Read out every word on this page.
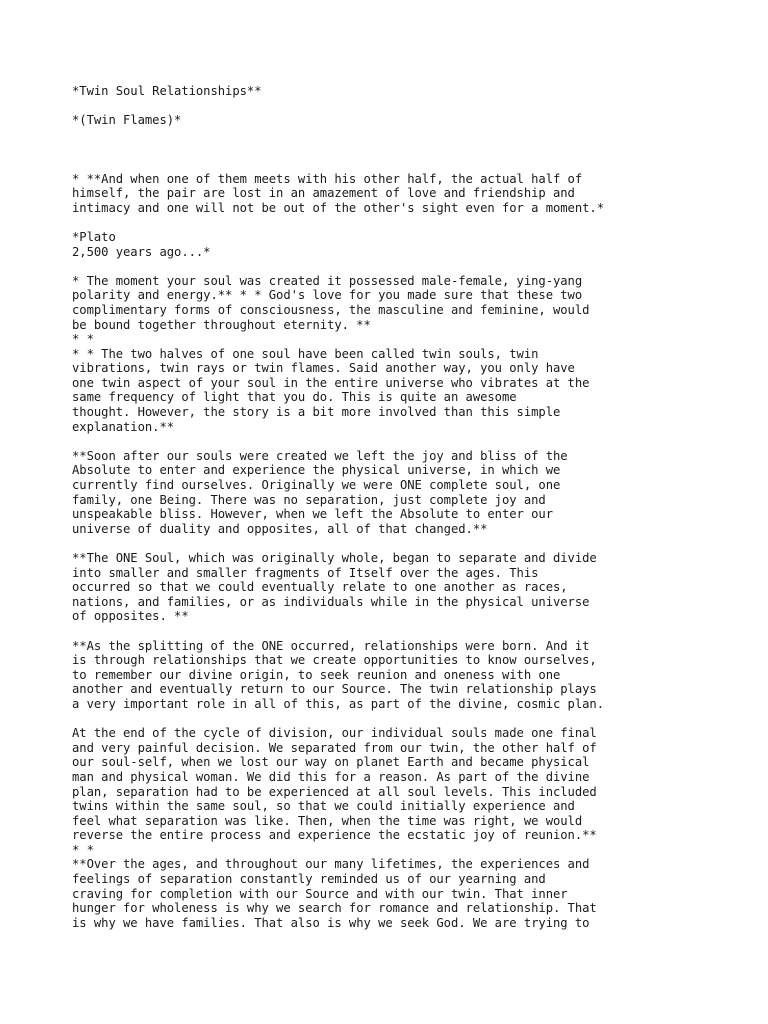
*Twin Soul Relationships**
*(Twin Flames)*
* **And when one of them meets with his other half, the actual half of
himself, the pair are lost in an amazement of love and friendship and
intimacy and one will not be out of the other's sight even for a moment.*
*Plato
2,500 years ago...*
* The moment your soul was created it possessed male-female, ying-yang
polarity and energy.** * * God's love for you made sure that these two
complimentary forms of consciousness, the masculine and feminine, would
be bound together throughout eternity. **
* *
* * The two halves of one soul have been called twin souls, twin
vibrations, twin rays or twin flames. Said another way, you only have
one twin aspect of your soul in the entire universe who vibrates at the
same frequency of light that you do. This is quite an awesome
thought. However, the story is a bit more involved than this simple
explanation.**
**Soon after our souls were created we left the joy and bliss of the
Absolute to enter and experience the physical universe, in which we
currently find ourselves. Originally we were ONE complete soul, one
family, one Being. There was no separation, just complete joy and
unspeakable bliss. However, when we left the Absolute to enter our
universe of duality and opposites, all of that changed.**
**The ONE Soul, which was originally whole, began to separate and divide
into smaller and smaller fragments of Itself over the ages. This
occurred so that we could eventually relate to one another as races,
nations, and families, or as individuals while in the physical universe
of opposites. **
**As the splitting of the ONE occurred, relationships were born. And it
is through relationships that we create opportunities to know ourselves,
to remember our divine origin, to seek reunion and oneness with one
another and eventually return to our Source. The twin relationship plays
a very important role in all of this, as part of the divine, cosmic plan.
At the end of the cycle of division, our individual souls made one final
and very painful decision. We separated from our twin, the other half of
our soul-self, when we lost our way on planet Earth and became physical
man and physical woman. We did this for a reason. As part of the divine
plan, separation had to be experienced at all soul levels. This included
twins within the same soul, so that we could initially experience and
feel what separation was like. Then, when the time was right, we would
reverse the entire process and experience the ecstatic joy of reunion.**
* *
**Over the ages, and throughout our many lifetimes, the experiences and
feelings of separation constantly reminded us of our yearning and
craving for completion with our Source and with our twin. That inner
hunger for wholeness is why we search for romance and relationship. That
is why we have families. That also is why we seek God. We are trying to
